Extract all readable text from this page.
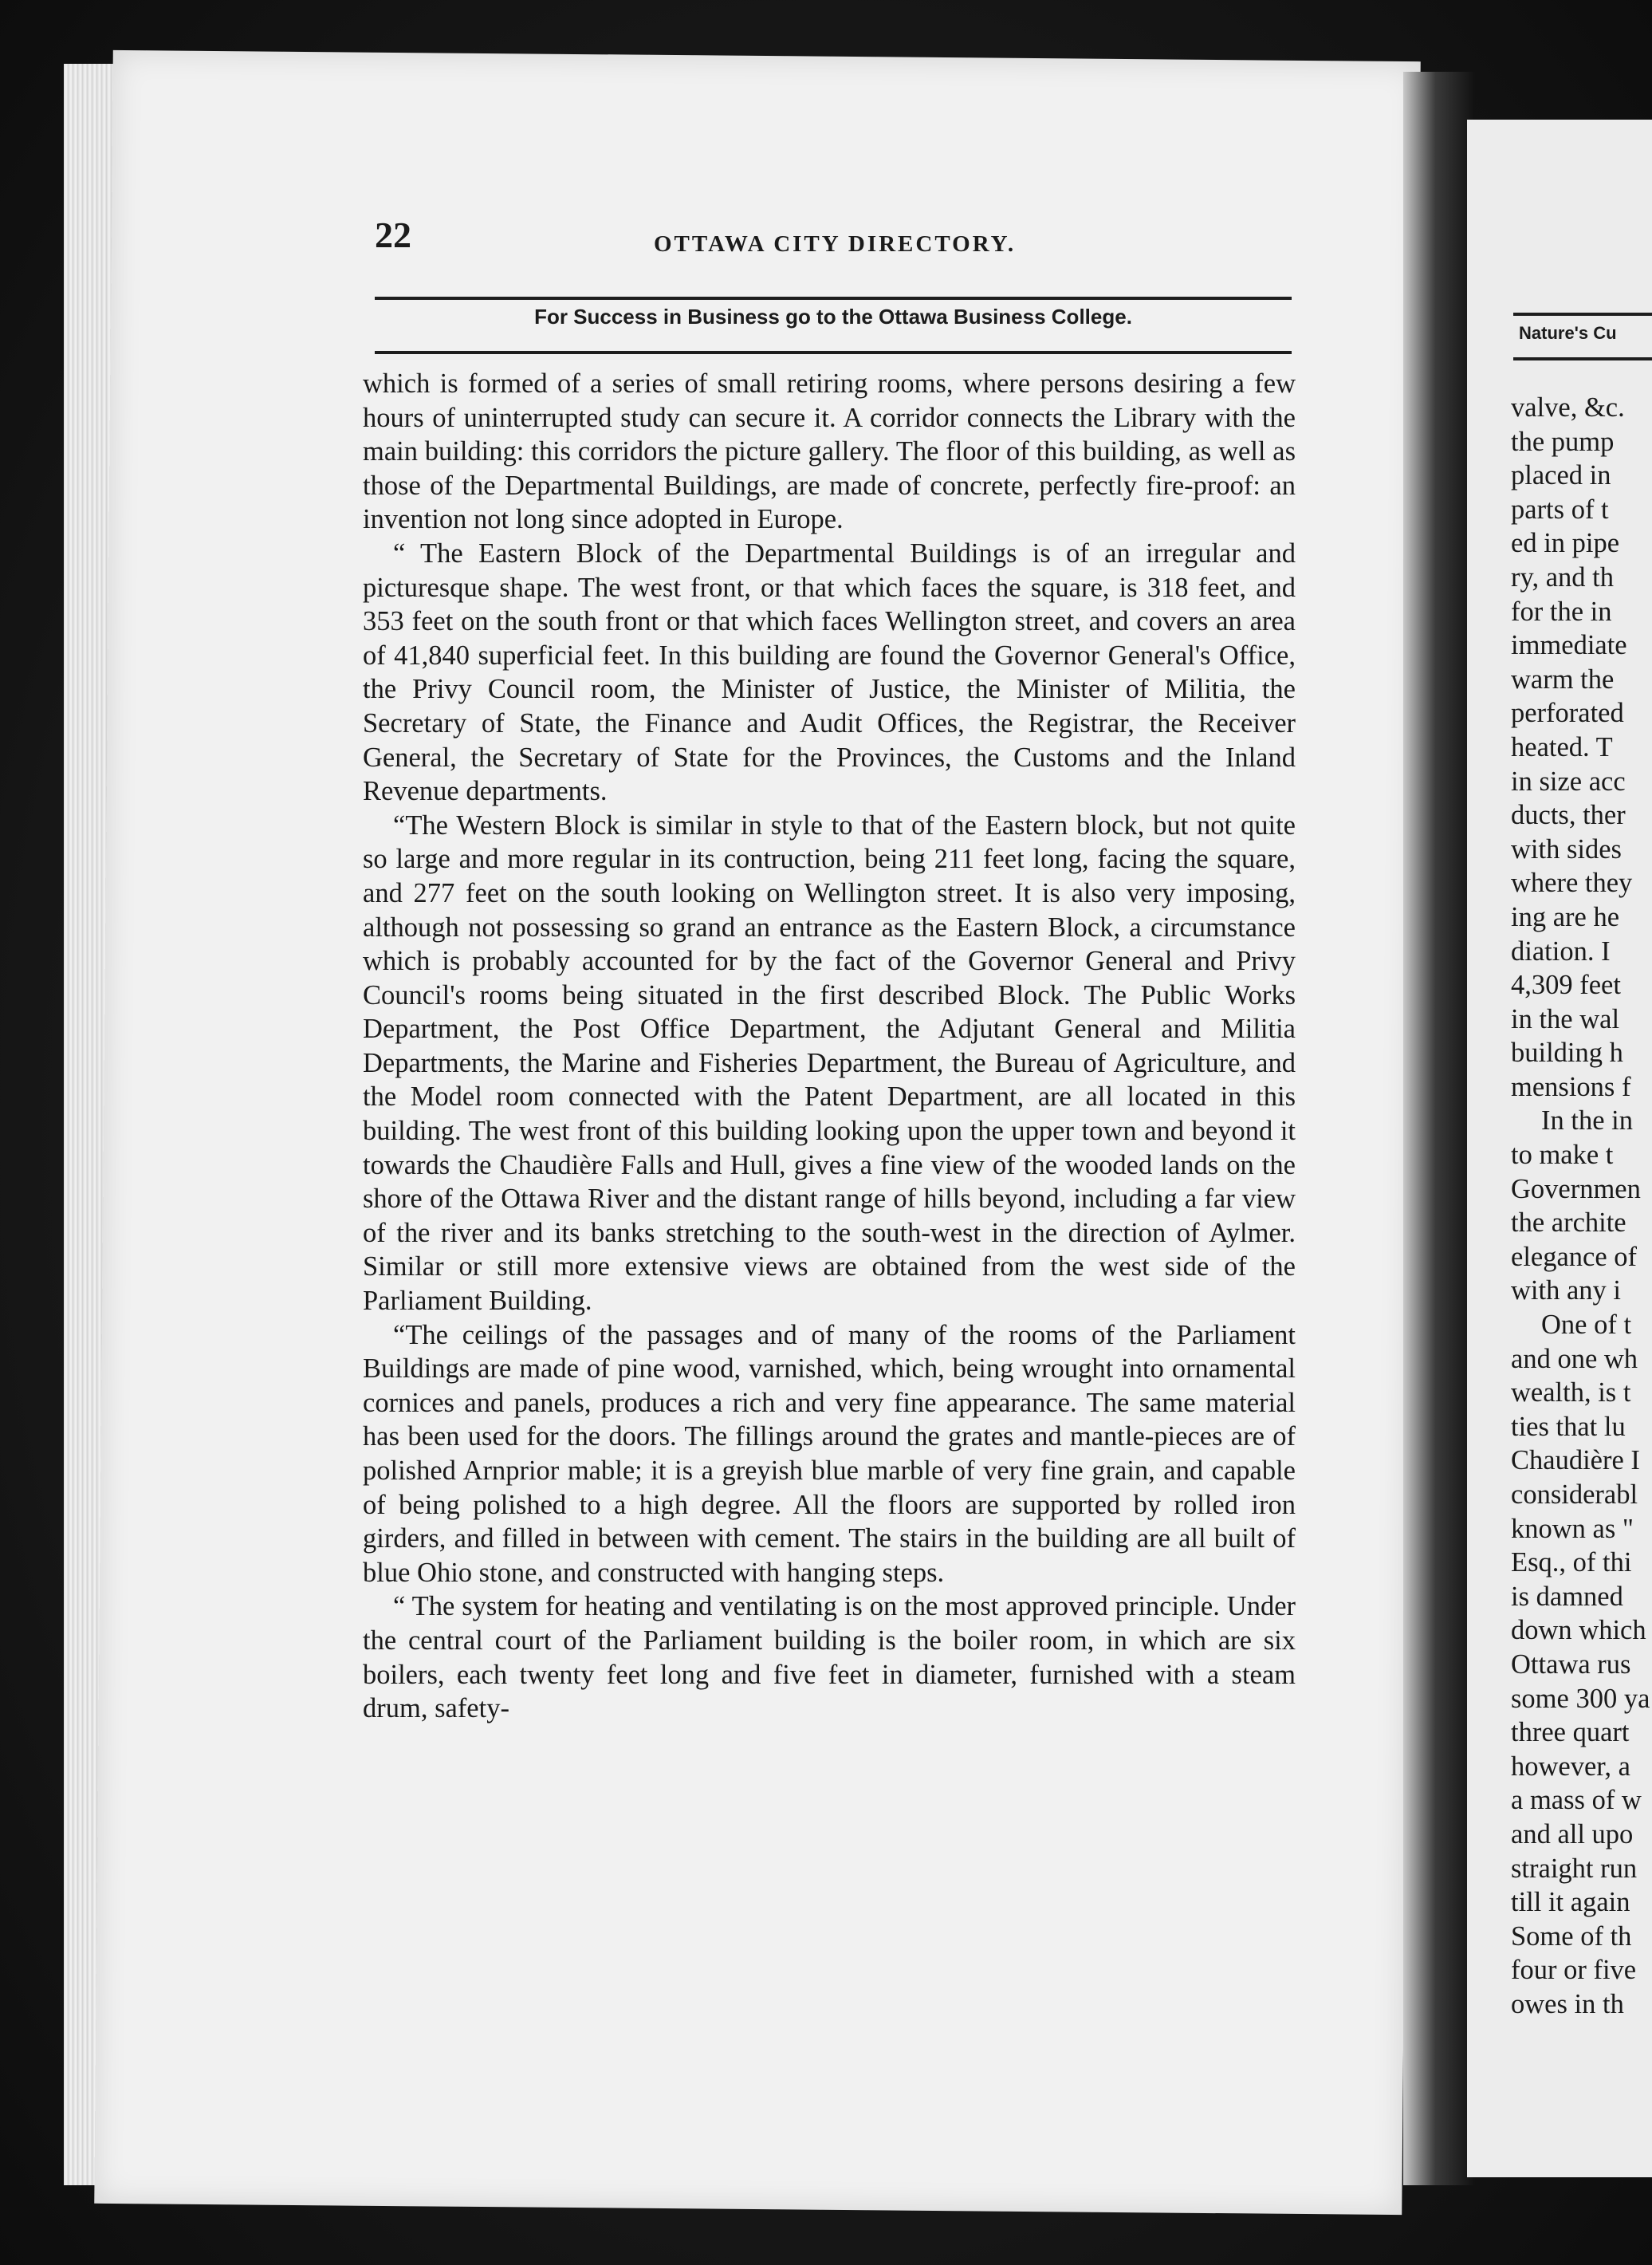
22	OTTAWA CITY DIRECTORY.
For Success in Business go to the Ottawa Business College.

which is formed of a series of small retiring rooms, where persons desiring a few hours of uninterrupted study can secure it. A corridor connects the Library with the main building: this corridors the picture gallery. The floor of this building, as well as those of the Departmental Buildings, are made of concrete, perfectly fire-proof: an invention not long since adopted in Europe.

“ The Eastern Block of the Departmental Buildings is of an irregular and picturesque shape. The west front, or that which faces the square, is 318 feet, and 353 feet on the south front or that which faces Wellington street, and covers an area of 41,840 superficial feet. In this building are found the Governor General's Office, the Privy Council room, the Minister of Justice, the Minister of Militia, the Secretary of State, the Finance and Audit Offices, the Registrar, the Receiver General, the Secretary of State for the Provinces, the Customs and the Inland Revenue departments.

“The Western Block is similar in style to that of the Eastern block, but not quite so large and more regular in its contruction, being 211 feet long, facing the square, and 277 feet on the south looking on Wellington street. It is also very imposing, although not possessing so grand an entrance as the Eastern Block, a circumstance which is probably accounted for by the fact of the Governor General and Privy Council's rooms being situated in the first described Block. The Public Works Department, the Post Office Department, the Adjutant General and Militia Departments, the Marine and Fisheries Department, the Bureau of Agriculture, and the Model room connected with the Patent Department, are all located in this building. The west front of this building looking upon the upper town and beyond it towards the Chaudière Falls and Hull, gives a fine view of the wooded lands on the shore of the Ottawa River and the distant range of hills beyond, including a far view of the river and its banks stretching to the south-west in the direction of Aylmer. Similar or still more extensive views are obtained from the west side of the Parliament Building.

“The ceilings of the passages and of many of the rooms of the Parliament Buildings are made of pine wood, varnished, which, being wrought into ornamental cornices and panels, produces a rich and very fine appearance. The same material has been used for the doors. The fillings around the grates and mantle-pieces are of polished Arnprior mable; it is a greyish blue marble of very fine grain, and capable of being polished to a high degree. All the floors are supported by rolled iron girders, and filled in between with cement. The stairs in the building are all built of blue Ohio stone, and constructed with hanging steps.

“ The system for heating and ventilating is on the most approved principle. Under the central court of the Parliament building is the boiler room, in which are six boilers, each twenty feet long and five feet in diameter, furnished with a steam drum, safety-

Nature's Cu
valve, &c.
the pump
placed in
parts of t
ed in pipe
ry, and th
for the in
immediate
warm the
perforated
heated. T
in size acc
ducts, ther
with sides
where they
ing are he
diation. I
4,309 feet
in the wal
building h
mensions f
In the in
to make t
Governmen
the archite
elegance of
with any i
One of t
and one wh
wealth, is t
ties that lu
Chaudière I
considerabl
known as "
Esq., of thi
is damned
down which
Ottawa rus
some 300 ya
three quart
however, a
a mass of w
and all upo
straight run
till it again
Some of th
four or five
owes in th
